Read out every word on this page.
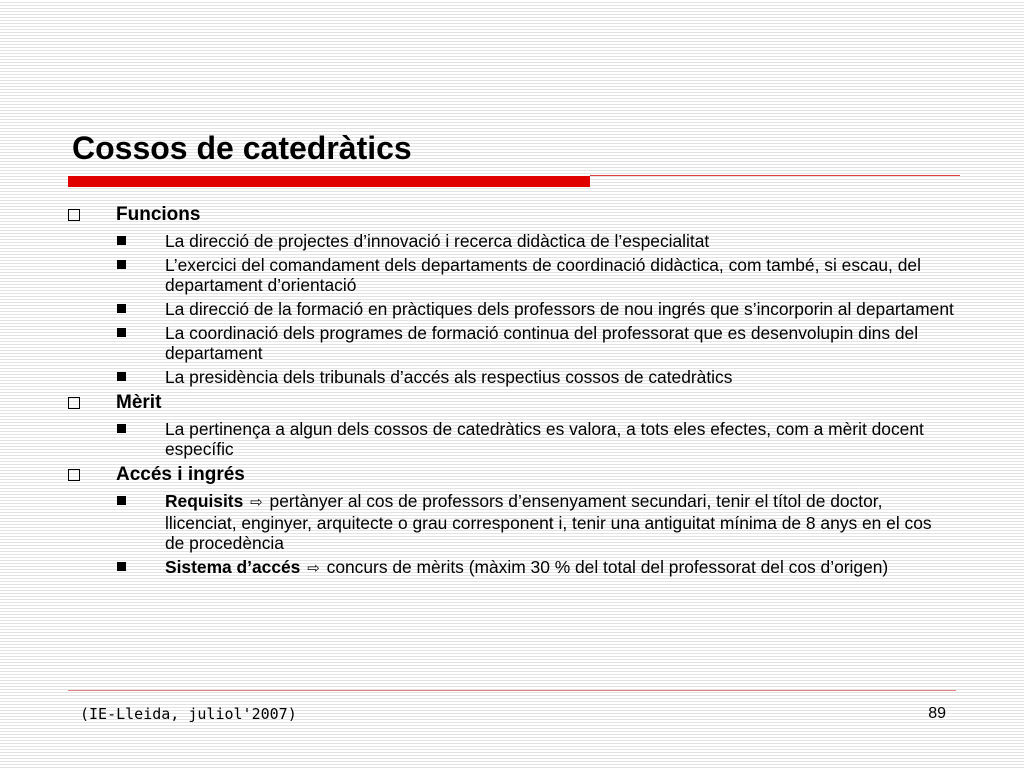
Cossos de catedràtics
Funcions
La direcció de projectes d’innovació i recerca didàctica de l’especialitat
L’exercici del comandament dels departaments de coordinació didàctica, com també, si escau, del departament d’orientació
La direcció de la formació en pràctiques dels professors de nou ingrés que s’incorporin al departament
La coordinació dels programes de formació continua del professorat que es desenvolupin dins del departament
La presidència dels tribunals d’accés als respectius cossos de catedràtics
Mèrit
La pertinença a algun dels cossos de catedràtics es valora, a tots eles efectes, com a mèrit docent específic
Accés i ingrés
Requisits ⇨ pertànyer al cos de professors d’ensenyament secundari, tenir el títol de doctor, llicenciat, enginyer, arquitecte o grau corresponent i, tenir una antiguitat mínima de 8 anys en el cos de procedència
Sistema d’accés ⇨ concurs de mèrits (màxim 30 % del total del professorat del cos d’origen)
(IE-Lleida, juliol'2007)	89
